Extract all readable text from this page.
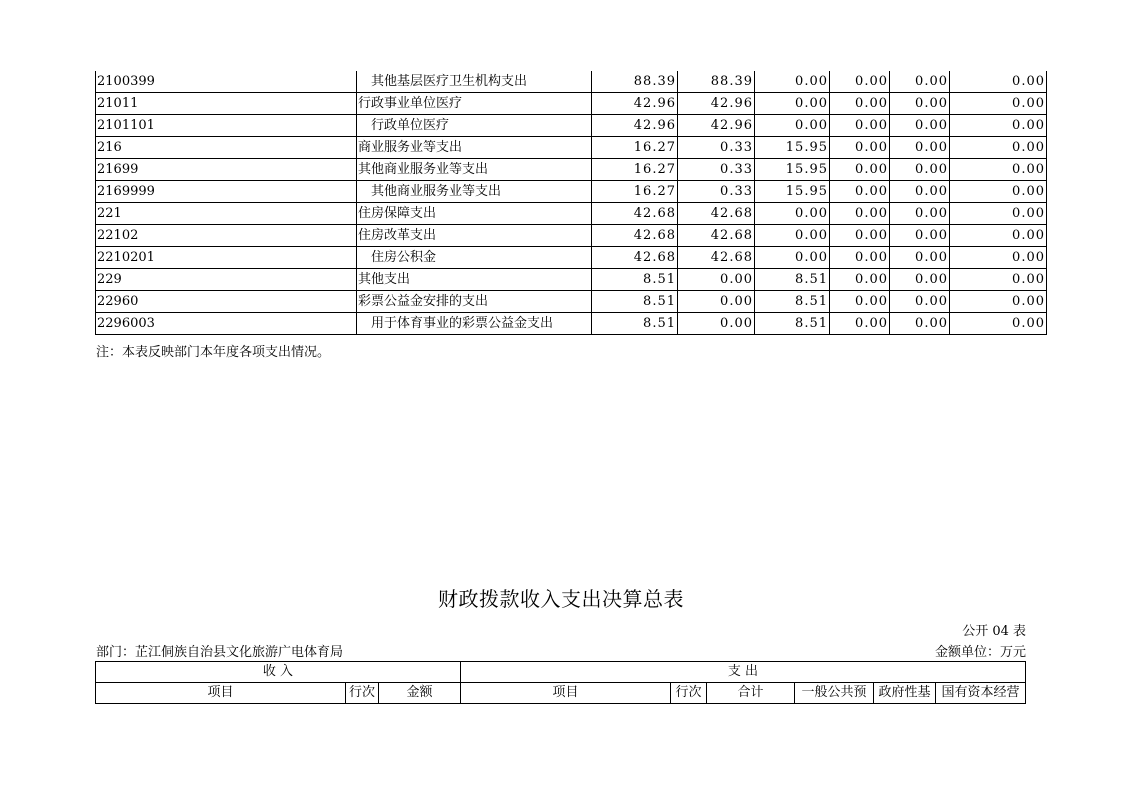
2100399	其他基层医疗卫生机构支出	88.39	88.39	0.00	0.00	0.00	0.00
21011	行政事业单位医疗	42.96	42.96	0.00	0.00	0.00	0.00
2101101	行政单位医疗	42.96	42.96	0.00	0.00	0.00	0.00
216	商业服务业等支出	16.27	0.33	15.95	0.00	0.00	0.00
21699	其他商业服务业等支出	16.27	0.33	15.95	0.00	0.00	0.00
2169999	其他商业服务业等支出	16.27	0.33	15.95	0.00	0.00	0.00
221	住房保障支出	42.68	42.68	0.00	0.00	0.00	0.00
22102	住房改革支出	42.68	42.68	0.00	0.00	0.00	0.00
2210201	住房公积金	42.68	42.68	0.00	0.00	0.00	0.00
229	其他支出	8.51	0.00	8.51	0.00	0.00	0.00
22960	彩票公益金安排的支出	8.51	0.00	8.51	0.00	0.00	0.00
2296003	用于体育事业的彩票公益金支出	8.51	0.00	8.51	0.00	0.00	0.00
注：本表反映部门本年度各项支出情况。
财政拨款收入支出决算总表
公开 04 表
部门：芷江侗族自治县文化旅游广电体育局	金额单位：万元
收 入			支 出					
项目	行次	金额	项目	行次	合计	一般公共预	政府性基	国有资本经营
